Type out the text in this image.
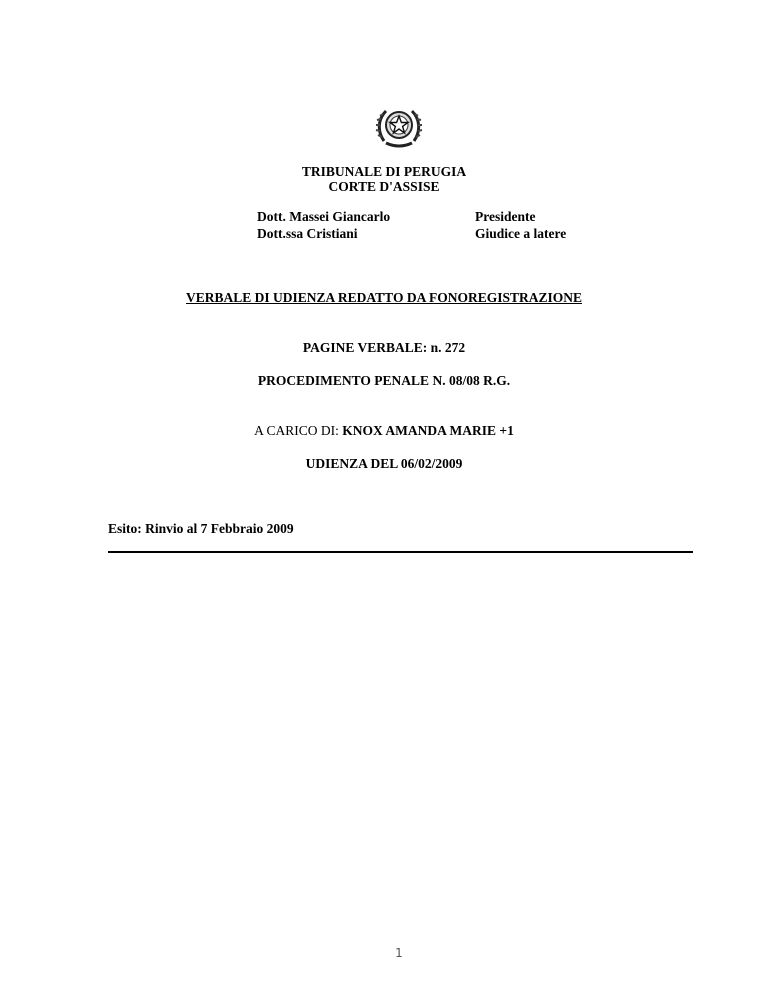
TRIBUNALE DI PERUGIA
CORTE D'ASSISE
Dott. Massei Giancarlo	Presidente
Dott.ssa Cristiani	Giudice a latere
VERBALE DI UDIENZA REDATTO DA FONOREGISTRAZIONE
PAGINE VERBALE: n. 272
PROCEDIMENTO PENALE N. 08/08 R.G.
A CARICO DI: KNOX AMANDA MARIE +1
UDIENZA DEL 06/02/2009
Esito: Rinvio al 7 Febbraio 2009
1
